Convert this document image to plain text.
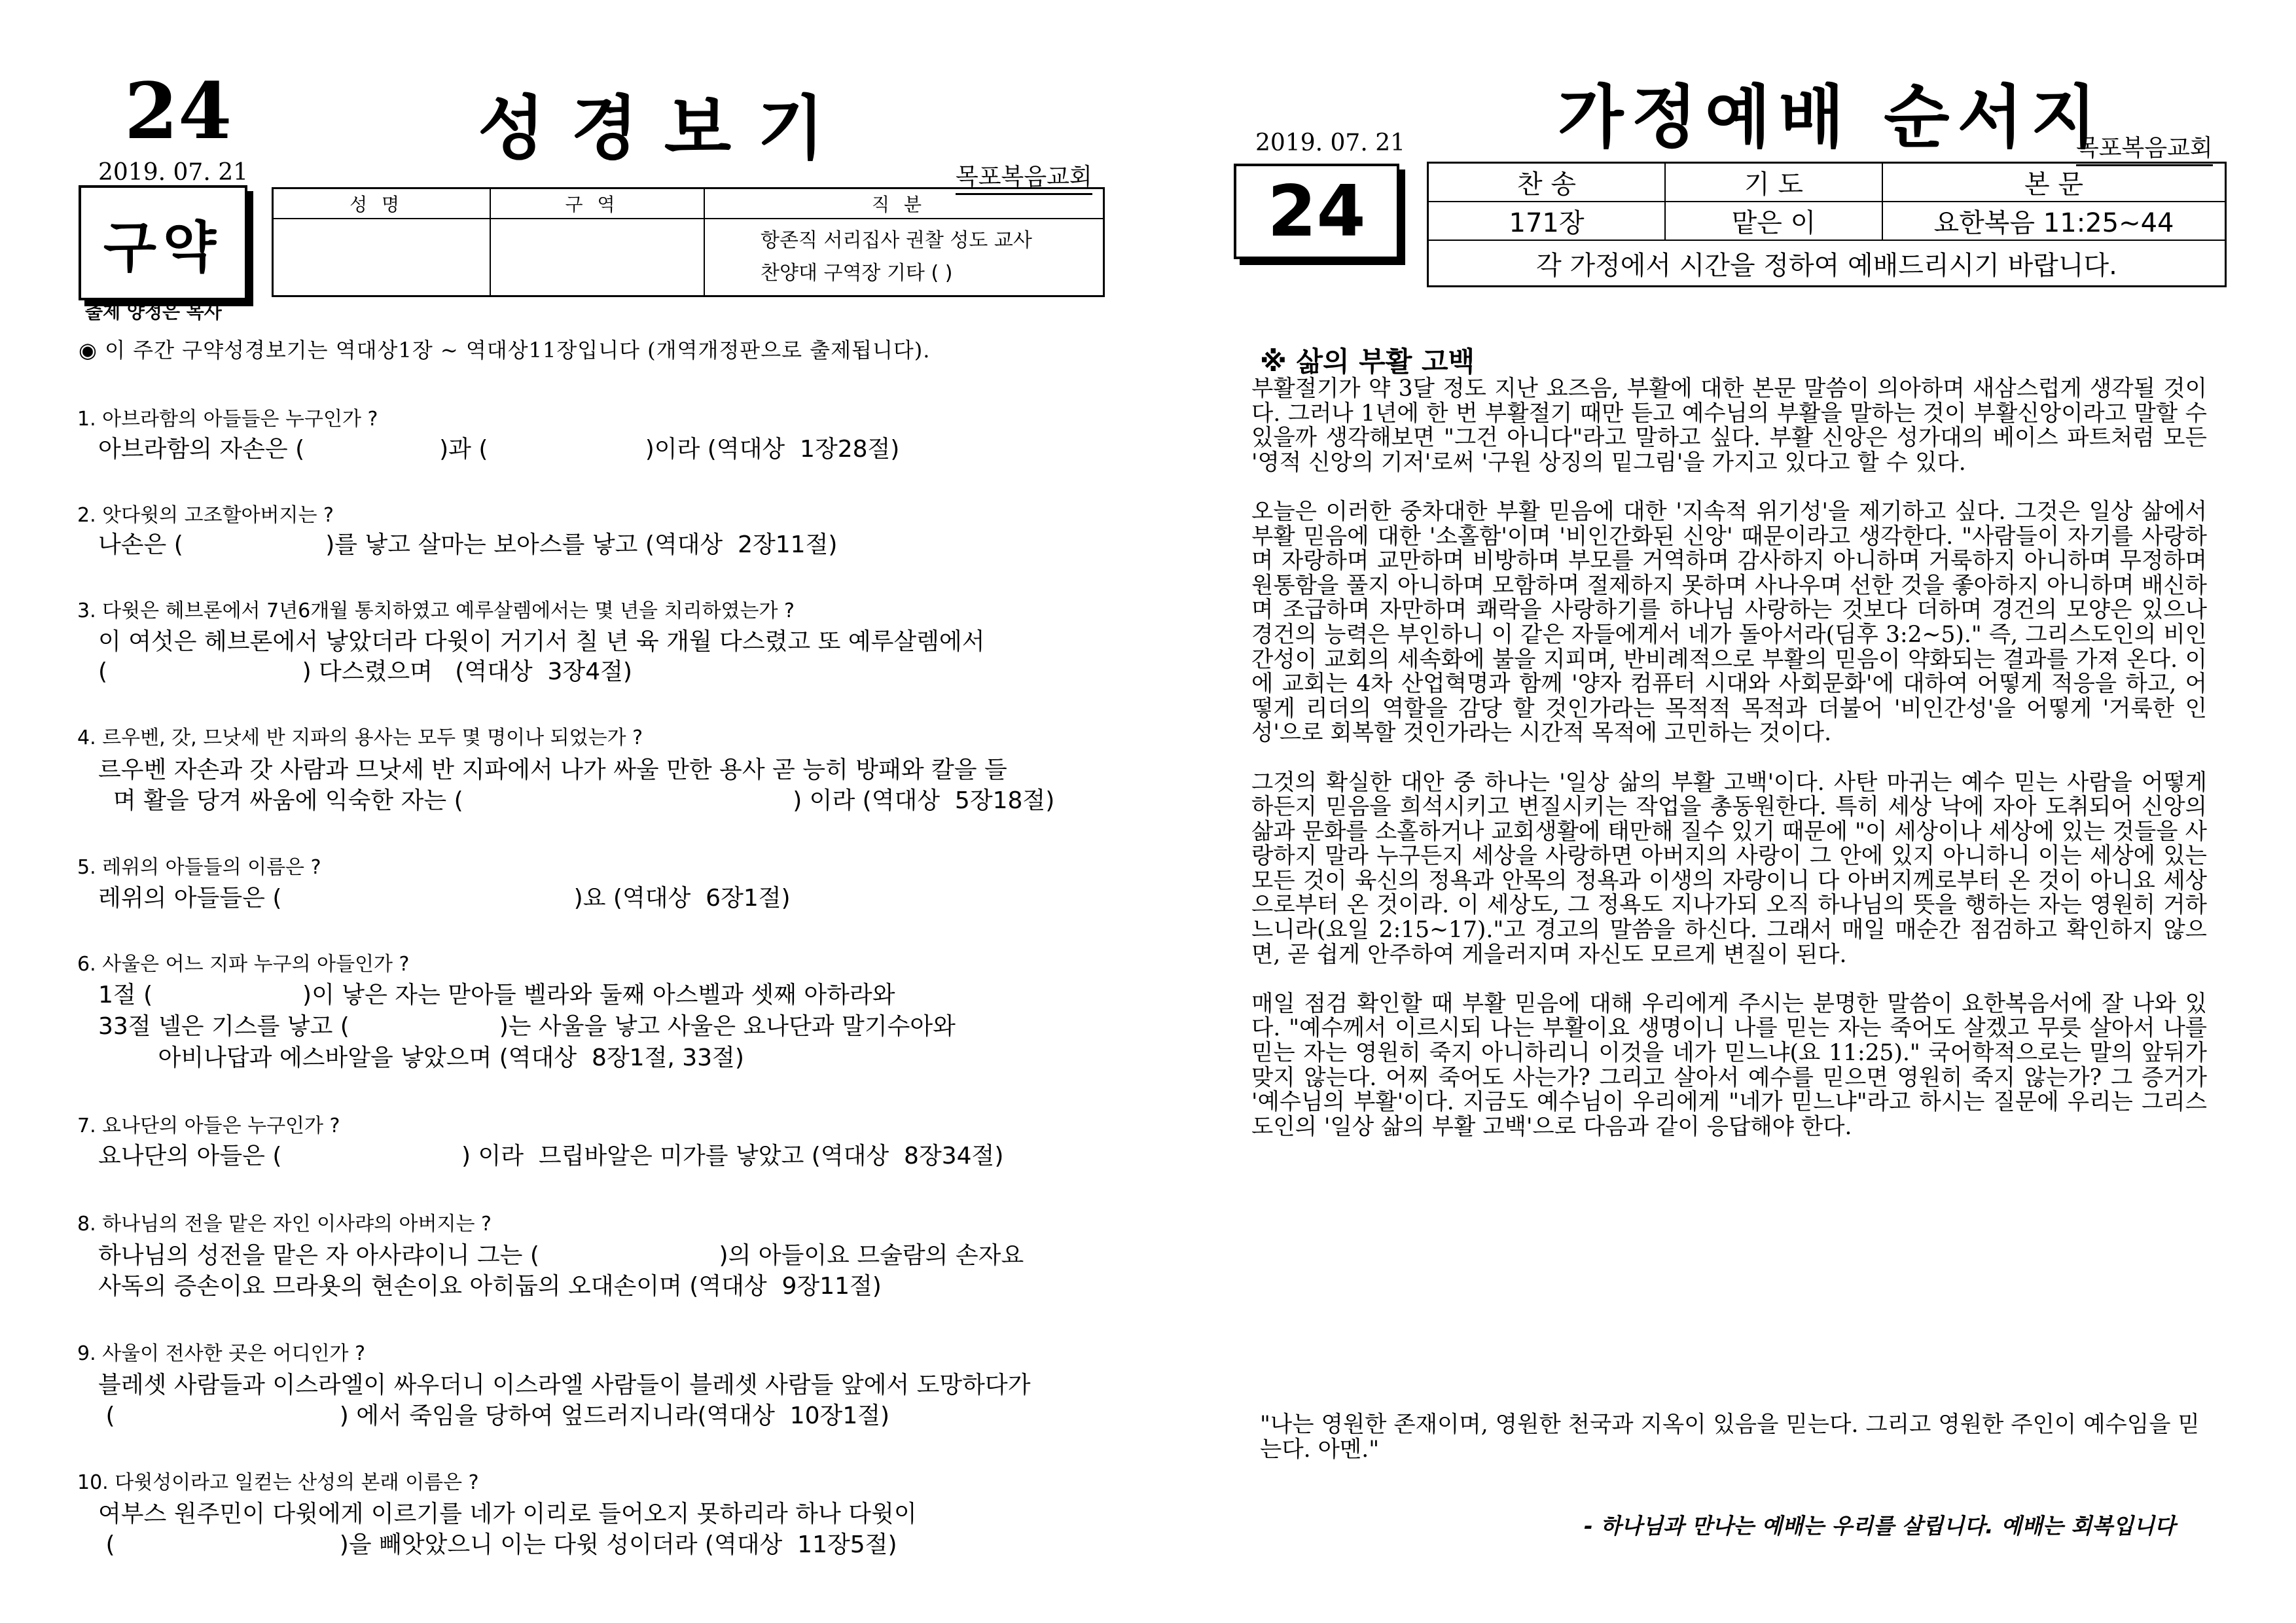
24	성경보기
2019. 07. 21	목포복음교회
구약
출제 양정은 목사
성명	구역	직분

		항존직 서리집사 권찰 성도 교사
찬양대 구역장 기타 ( )
◉ 이 주간 구약성경보기는 역대상1장 ~ 역대상11장입니다 (개역개정판으로 출제됩니다).
1. 아브라함의 아들들은 누구인가 ?
아브라함의 자손은 (                  )과 (                     )이라 (역대상  1장28절)
2. 앗다윗의 고조할아버지는 ?
나손은 (                   )를 낳고 살마는 보아스를 낳고 (역대상  2장11절)
3. 다윗은 헤브론에서 7년6개월 통치하였고 예루살렘에서는 몇 년을 치리하였는가 ?
이 여섯은 헤브론에서 낳았더라 다윗이 거기서 칠 년 육 개월 다스렸고 또 예루살렘에서
(                          ) 다스렸으며   (역대상  3장4절)
4. 르우벤, 갓, 므낫세 반 지파의 용사는 모두 몇 명이나 되었는가 ?
르우벤 자손과 갓 사람과 므낫세 반 지파에서 나가 싸울 만한 용사 곧 능히 방패와 칼을 들
며 활을 당겨 싸움에 익숙한 자는 (                                            ) 이라 (역대상  5장18절)
5. 레위의 아들들의 이름은 ?
레위의 아들들은 (                                       )요 (역대상  6장1절)
6. 사울은 어느 지파 누구의 아들인가 ?
1절 (                    )이 낳은 자는 맏아들 벨라와 둘째 아스벨과 셋째 아하라와
33절 넬은 기스를 낳고 (                    )는 사울을 낳고 사울은 요나단과 말기수아와
아비나답과 에스바알을 낳았으며 (역대상  8장1절, 33절)
7. 요나단의 아들은 누구인가 ?
요나단의 아들은 (                        ) 이라  므립바알은 미가를 낳았고 (역대상  8장34절)
8. 하나님의 전을 맡은 자인 이사랴의 아버지는 ?
하나님의 성전을 맡은 자 아사랴이니 그는 (                        )의 아들이요 므술람의 손자요
사독의 증손이요 므라욧의 현손이요 아히둡의 오대손이며 (역대상  9장11절)
9. 사울이 전사한 곳은 어디인가 ?
블레셋 사람들과 이스라엘이 싸우더니 이스라엘 사람들이 블레셋 사람들 앞에서 도망하다가
(                              ) 에서 죽임을 당하여 엎드러지니라(역대상  10장1절)
10. 다윗성이라고 일컫는 산성의 본래 이름은 ?
여부스 원주민이 다윗에게 이르기를 네가 이리로 들어오지 못하리라 하나 다윗이
(                              )을 빼앗았으니 이는 다윗 성이더라 (역대상  11장5절)
가정예배 순서지
2019. 07. 21	목포복음교회
24	찬 송	기 도	본 문
171장	맡은 이	요한복음 11:25~44
각 가정에서 시간을 정하여 예배드리시기 바랍니다.		
※ 삶의 부활 고백

부활절기가 약 3달 정도 지난 요즈음, 부활에 대한 본문 말씀이 의아하며 새삼스럽게 생각될 것이다. 그러나 1년에 한 번 부활절기 때만 듣고 예수님의 부활을 말하는 것이 부활신앙이라고 말할 수 있을까 생각해보면 "그건 아니다"라고 말하고 싶다. 부활 신앙은 성가대의 베이스 파트처럼 모든 '영적 신앙의 기저'로써 '구원 상징의 밑그림'을 가지고 있다고 할 수 있다.

오늘은 이러한 중차대한 부활 믿음에 대한 '지속적 위기성'을 제기하고 싶다. 그것은 일상 삶에서 부활 믿음에 대한 '소홀함'이며 '비인간화된 신앙' 때문이라고 생각한다. "사람들이 자기를 사랑하며 자랑하며 교만하며 비방하며 부모를 거역하며 감사하지 아니하며 거룩하지 아니하며 무정하며 원통함을 풀지 아니하며 모함하며 절제하지 못하며 사나우며 선한 것을 좋아하지 아니하며 배신하며 조급하며 자만하며 쾌락을 사랑하기를 하나님 사랑하는 것보다 더하며 경건의 모양은 있으나 경건의 능력은 부인하니 이 같은 자들에게서 네가 돌아서라(딤후 3:2~5)." 즉, 그리스도인의 비인간성이 교회의 세속화에 불을 지피며, 반비례적으로 부활의 믿음이 약화되는 결과를 가져 온다. 이에 교회는 4차 산업혁명과 함께 '양자 컴퓨터 시대와 사회문화'에 대하여 어떻게 적응을 하고, 어떻게 리더의 역할을 감당 할 것인가라는 목적적 목적과 더불어 '비인간성'을 어떻게 '거룩한 인성'으로 회복할 것인가라는 시간적 목적에 고민하는 것이다.

그것의 확실한 대안 중 하나는 '일상 삶의 부활 고백'이다. 사탄 마귀는 예수 믿는 사람을 어떻게 하든지 믿음을 희석시키고 변질시키는 작업을 총동원한다. 특히 세상 낙에 자아 도취되어 신앙의 삶과 문화를 소홀하거나 교회생활에 태만해 질수 있기 때문에 "이 세상이나 세상에 있는 것들을 사랑하지 말라 누구든지 세상을 사랑하면 아버지의 사랑이 그 안에 있지 아니하니 이는 세상에 있는 모든 것이 육신의 정욕과 안목의 정욕과 이생의 자랑이니 다 아버지께로부터 온 것이 아니요 세상으로부터 온 것이라. 이 세상도, 그 정욕도 지나가되 오직 하나님의 뜻을 행하는 자는 영원히 거하느니라(요일 2:15~17)."고 경고의 말씀을 하신다. 그래서 매일 매순간 점검하고 확인하지 않으면, 곧 쉽게 안주하여 게을러지며 자신도 모르게 변질이 된다.

매일 점검 확인할 때 부활 믿음에 대해 우리에게 주시는 분명한 말씀이 요한복음서에 잘 나와 있다. "예수께서 이르시되 나는 부활이요 생명이니 나를 믿는 자는 죽어도 살겠고 무릇 살아서 나를 믿는 자는 영원히 죽지 아니하리니 이것을 네가 믿느냐(요 11:25)." 국어학적으로는 말의 앞뒤가 맞지 않는다. 어찌 죽어도 사는가? 그리고 살아서 예수를 믿으면 영원히 죽지 않는가? 그 증거가 '예수님의 부활'이다. 지금도 예수님이 우리에게 "네가 믿느냐"라고 하시는 질문에 우리는 그리스도인의 '일상 삶의 부활 고백'으로 다음과 같이 응답해야 한다.

"나는 영원한 존재이며, 영원한 천국과 지옥이 있음을 믿는다. 그리고 영원한 주인이 예수임을 믿는다. 아멘."
- 하나님과 만나는 예배는 우리를 살립니다. 예배는 회복입니다
